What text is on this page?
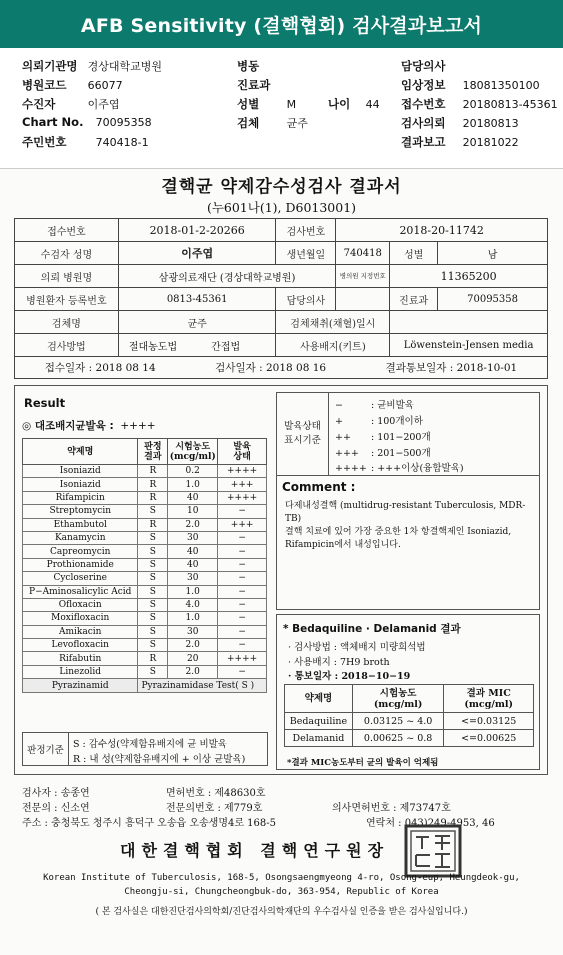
AFB Sensitivity (결핵협회) 검사결과보고서
의뢰기관명 경상대학교병원
병원코드 66077
수진자	이주엽
Chart No. 70095358
주민번호	740418-1
병동
진료과
성별 M	나이 44
검체 균주
담당의사
임상정보 18081350100
접수번호 20180813-45361
검사의뢰 20180813
결과보고 20181022
결핵균 약제감수성검사 결과서
(누601나(1), D6013001)
접수번호	2018-01-2-20266	검사번호	2018-20-11742		
수검자 성명	이주엽	생년월일	740418	성별	남
의뢰 병원명	삼광의료재단 (경상대학교병원)		병의원 지정번호	11365200	
병원환자 등록번호	0813-45361	담당의사		진료과	70095358
검체명	균주	검체채취(채혈)일시			
검사방법	절대농도법 간접법	사용배지(키트)		Löwenstein-Jensen media	
접수일자 : 2018 08 14	검사일자 : 2018 08 16	결과통보일자 : 2018-10-01
Result
◎ 대조배지균발육 : ++++
약제명	판정
결과	시험농도
(mcg/ml)	발육
상태
Isoniazid	R	0.2	++++
Isoniazid	R	1.0	+++
Rifampicin	R	40	++++
Streptomycin	S	10	−
Ethambutol	R	2.0	+++
Kanamycin	S	30	−
Capreomycin	S	40	−
Prothionamide	S	40	−
Cycloserine	S	30	−
P−Aminosalicylic Acid	S	1.0	−
Ofloxacin	S	4.0	−
Moxifloxacin	S	1.0	−
Amikacin	S	30	−
Levofloxacin	S	2.0	−
Rifabutin	R	20	++++
Linezolid	S	2.0	−
Pyrazinamid	Pyrazinamidase Test( S )		
판정기준
S : 감수성(약제함유배지에 균 비발육
R : 내 성(약제함유배지에 + 이상 균발육)
발육상태
표시기준
−	: 균비발육
+	: 100개이하
++ : 101−200개
+++ : 201−500개
++++ : +++이상(융합발육)
Comment :
다제내성결핵 (multidrug-resistant Tuberculosis, MDR-TB)
결핵 치료에 있어 가장 중요한 1차 항결핵제인 Isoniazid, Rifampicin에서 내성입니다.
* Bedaquiline · Delamanid 결과
· 검사방법 : 액체배지 미량희석법
· 사용배지 : 7H9 broth
· 통보일자 : 2018−10−19
약제명	시험농도
(mcg/ml)	결과 MIC
(mcg/ml)
Bedaquiline	0.03125 ~ 4.0	<=0.03125
Delamanid	0.00625 ~ 0.8	<=0.00625
*결과 MIC농도부터 균의 발육이 억제됨
검사자 : 송종연	면허번호 : 제48630호
전문의 : 신소연	전문의번호 : 제779호	의사면허번호 : 제73747호
주소 : 충청북도 청주시 흥덕구 오송읍 오송생명4로 168-5	연락처 : 043)249-4953, 46
대한결핵협회 결핵연구원장
Korean Institute of Tuberculosis, 168-5, Osongsaengmyeong 4-ro, Osong-eup, Heungdeok-gu,
Cheongju-si, Chungcheongbuk-do, 363-954, Republic of Korea
( 본 검사실은 대한진단검사의학회/진단검사의학재단의 우수검사실 인증을 받은 검사실입니다.)
